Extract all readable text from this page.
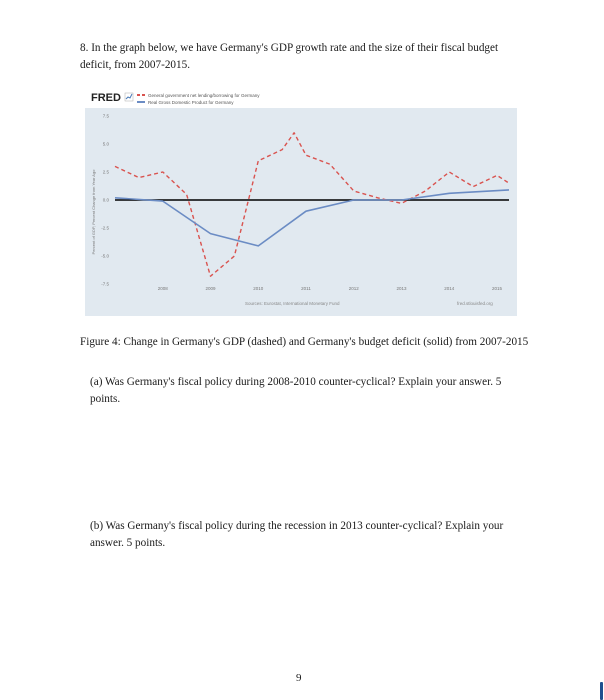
8. In the graph below, we have Germany's GDP growth rate and the size of their fiscal budget deficit, from 2007-2015.
FRED	General government net lending/borrowing for Germany
Real Gross Domestic Product for Germany
Percent of GDP, Percent Change from Year Ago
7.5
5.0
2.5
0.0
-2.5
-5.0
-7.5
2008	2009	2010	2011	2012	2013	2014	2015
Sources: Eurostat, International Monetary Fund	fred.stlouisfed.org
Figure 4: Change in Germany's GDP (dashed) and Germany's budget deficit (solid) from 2007-2015
(a) Was Germany's fiscal policy during 2008-2010 counter-cyclical? Explain your answer. 5 points.
(b) Was Germany's fiscal policy during the recession in 2013 counter-cyclical? Explain your answer. 5 points.
9
